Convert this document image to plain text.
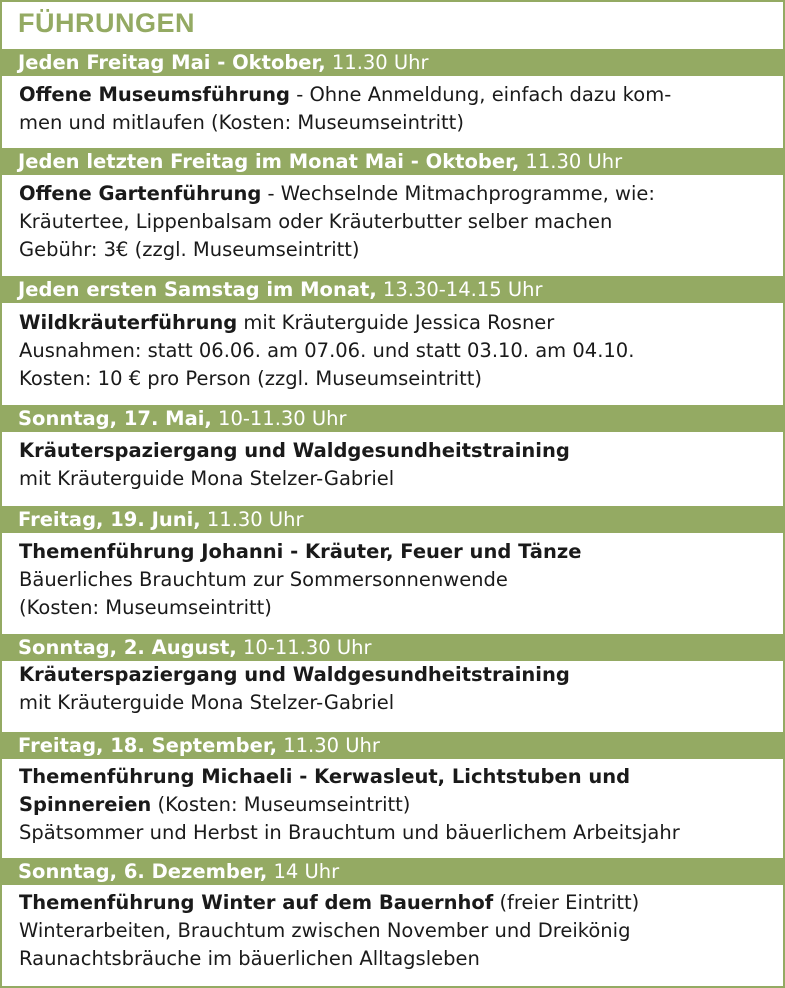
FÜHRUNGEN
Jeden Freitag Mai - Oktober, 11.30 Uhr
Offene Museumsführung - Ohne Anmeldung, einfach dazu kom-
men und mitlaufen (Kosten: Museumseintritt)
Jeden letzten Freitag im Monat Mai - Oktober, 11.30 Uhr
Offene Gartenführung - Wechselnde Mitmachprogramme, wie:
Kräutertee, Lippenbalsam oder Kräuterbutter selber machen
Gebühr: 3€ (zzgl. Museumseintritt)
Jeden ersten Samstag im Monat, 13.30-14.15 Uhr
Wildkräuterführung mit Kräuterguide Jessica Rosner
Ausnahmen: statt 06.06. am 07.06. und statt 03.10. am 04.10.
Kosten: 10 € pro Person (zzgl. Museumseintritt)
Sonntag, 17. Mai, 10-11.30 Uhr
Kräuterspaziergang und Waldgesundheitstraining
mit Kräuterguide Mona Stelzer-Gabriel
Freitag, 19. Juni, 11.30 Uhr
Themenführung Johanni - Kräuter, Feuer und Tänze
Bäuerliches Brauchtum zur Sommersonnenwende
(Kosten: Museumseintritt)
Sonntag, 2. August, 10-11.30 Uhr
Kräuterspaziergang und Waldgesundheitstraining
mit Kräuterguide Mona Stelzer-Gabriel
Freitag, 18. September, 11.30 Uhr
Themenführung Michaeli - Kerwasleut, Lichtstuben und
Spinnereien (Kosten: Museumseintritt)
Spätsommer und Herbst in Brauchtum und bäuerlichem Arbeitsjahr
Sonntag, 6. Dezember, 14 Uhr
Themenführung Winter auf dem Bauernhof (freier Eintritt)
Winterarbeiten, Brauchtum zwischen November und Dreikönig
Raunachtsbräuche im bäuerlichen Alltagsleben
